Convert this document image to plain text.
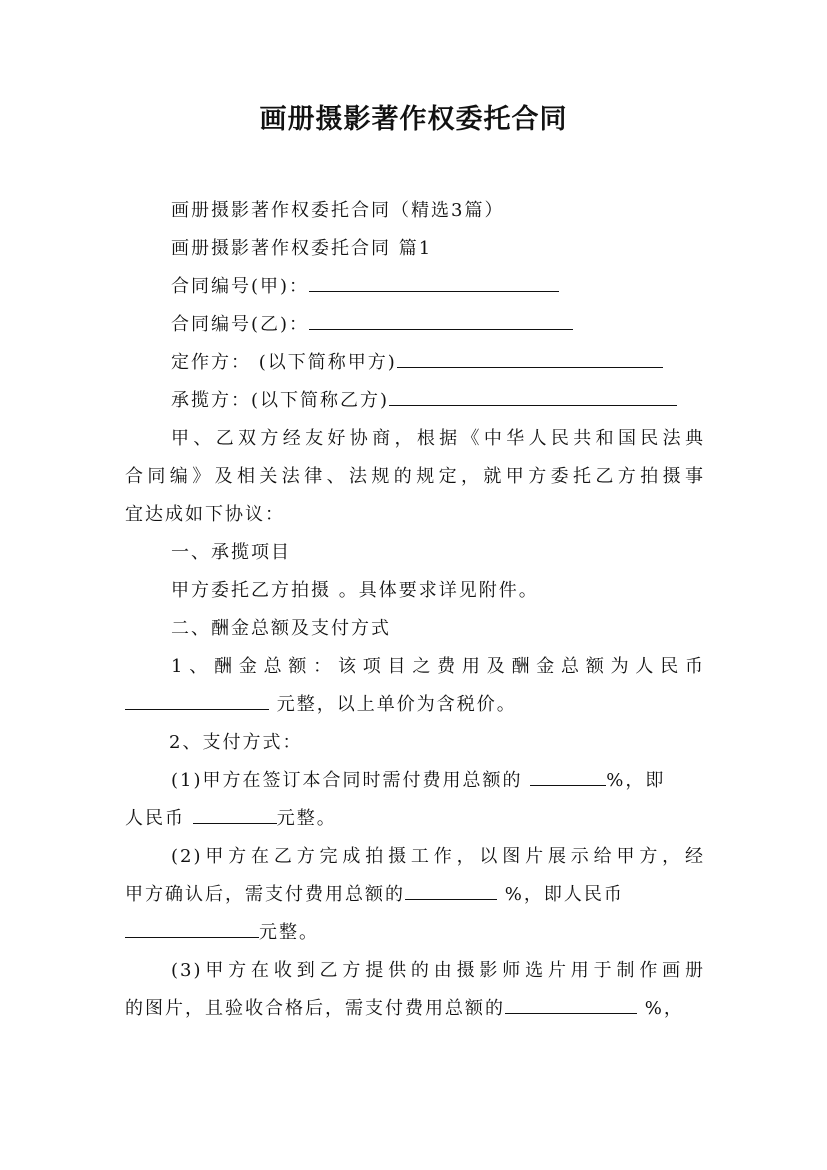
画册摄影著作权委托合同
画册摄影著作权委托合同（精选3篇）
画册摄影著作权委托合同 篇1
合同编号(甲)：
合同编号(乙)：
定作方： (以下简称甲方)
承揽方：(以下简称乙方)
甲、乙双方经友好协商，根据《中华人民共和国民法典
合同编》及相关法律、法规的规定，就甲方委托乙方拍摄事
宜达成如下协议：
一、承揽项目
甲方委托乙方拍摄 。具体要求详见附件。
二、酬金总额及支付方式
1、酬金总额：该项目之费用及酬金总额为人民币
元整，以上单价为含税价。
2、支付方式：
(1)甲方在签订本合同时需付费用总额的	%，即
人民币	元整。
(2)甲方在乙方完成拍摄工作，以图片展示给甲方，经
甲方确认后，需支付费用总额的	%，即人民币
元整。
(3)甲方在收到乙方提供的由摄影师选片用于制作画册
的图片，且验收合格后，需支付费用总额的	%，
